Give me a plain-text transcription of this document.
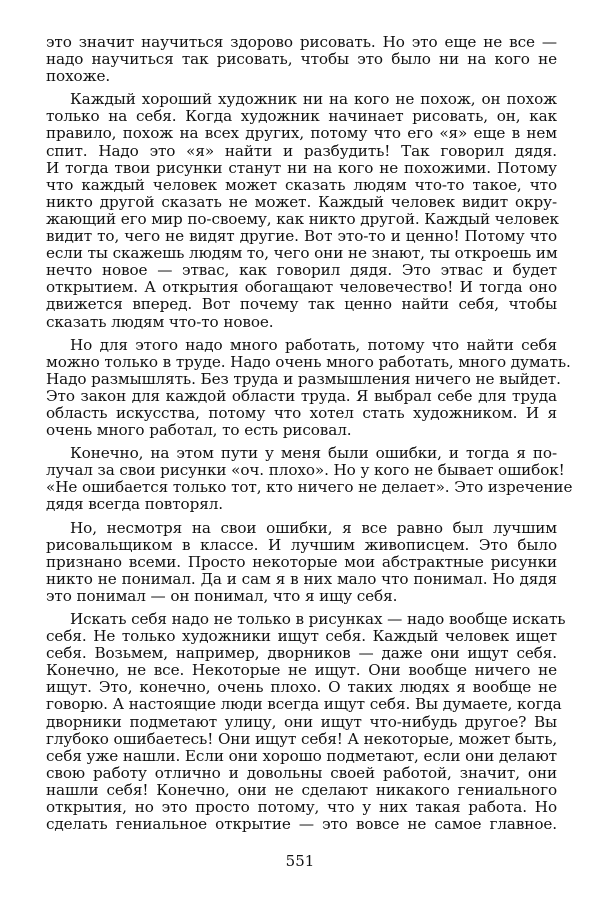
это значит научиться здорово рисовать. Но это еще не все —
надо научиться так рисовать, чтобы это было ни на кого не
похоже.
Каждый хороший художник ни на кого не похож, он похож
только на себя. Когда художник начинает рисовать, он, как
правило, похож на всех других, потому что его «я» еще в нем
спит. Надо это «я» найти и разбудить! Так говорил дядя.
И тогда твои рисунки станут ни на кого не похожими. Потому
что каждый человек может сказать людям что-то такое, что
никто другой сказать не может. Каждый человек видит окру-
жающий его мир по-своему, как никто другой. Каждый человек
видит то, чего не видят другие. Вот это-то и ценно! Потому что
если ты скажешь людям то, чего они не знают, ты откроешь им
нечто новое — этвас, как говорил дядя. Это этвас и будет
открытием. А открытия обогащают человечество! И тогда оно
движется вперед. Вот почему так ценно найти себя, чтобы
сказать людям что-то новое.
Но для этого надо много работать, потому что найти себя
можно только в труде. Надо очень много работать, много думать.
Надо размышлять. Без труда и размышления ничего не выйдет.
Это закон для каждой области труда. Я выбрал себе для труда
область искусства, потому что хотел стать художником. И я
очень много работал, то есть рисовал.
Конечно, на этом пути у меня были ошибки, и тогда я по-
лучал за свои рисунки «оч. плохо». Но у кого не бывает ошибок!
«Не ошибается только тот, кто ничего не делает». Это изречение
дядя всегда повторял.
Но, несмотря на свои ошибки, я все равно был лучшим
рисовальщиком в классе. И лучшим живописцем. Это было
признано всеми. Просто некоторые мои абстрактные рисунки
никто не понимал. Да и сам я в них мало что понимал. Но дядя
это понимал — он понимал, что я ищу себя.
Искать себя надо не только в рисунках — надо вообще искать
себя. Не только художники ищут себя. Каждый человек ищет
себя. Возьмем, например, дворников — даже они ищут себя.
Конечно, не все. Некоторые не ищут. Они вообще ничего не
ищут. Это, конечно, очень плохо. О таких людях я вообще не
говорю. А настоящие люди всегда ищут себя. Вы думаете, когда
дворники подметают улицу, они ищут что-нибудь другое? Вы
глубоко ошибаетесь! Они ищут себя! А некоторые, может быть,
себя уже нашли. Если они хорошо подметают, если они делают
свою работу отлично и довольны своей работой, значит, они
нашли себя! Конечно, они не сделают никакого гениального
открытия, но это просто потому, что у них такая работа. Но
сделать гениальное открытие — это вовсе не самое главное.
551
